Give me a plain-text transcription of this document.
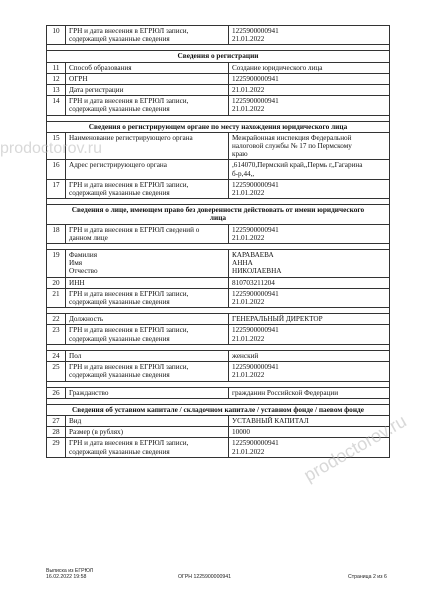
10	ГРН и дата внесения в ЕГРЮЛ записи,
содержащей указанные сведения	1225900000941
21.01.2022

Сведения о регистрации		
11	Способ образования	Создание юридического лица
12	ОГРН	1225900000941
13	Дата регистрации	21.01.2022
14	ГРН и дата внесения в ЕГРЮЛ записи,
содержащей указанные сведения	1225900000941
21.01.2022

Сведения о регистрирующем органе по месту нахождения юридического лица		
15	Наименование регистрирующего органа	Межрайонная инспекция Федеральной
налоговой службы № 17 по Пермскому
краю

16	Адрес регистрирующего органа	,614070,Пермский край,,Пермь г,,Гагарина
б-р,44,,

17	ГРН и дата внесения в ЕГРЮЛ записи,
содержащей указанные сведения	1225900000941
21.01.2022

Сведения о лице, имеющем право без доверенности действовать от имени юридического
лица		

18	ГРН и дата внесения в ЕГРЮЛ сведений о
данном лице	1225900000941
21.01.2022

19	Фамилия
Имя
Отчество	КАРАВАЕВА
АННА
НИКОЛАЕВНА

20	ИНН	810703211204
21	ГРН и дата внесения в ЕГРЮЛ записи,
содержащей указанные сведения	1225900000941
21.01.2022

22	Должность	ГЕНЕРАЛЬНЫЙ ДИРЕКТОР
23	ГРН и дата внесения в ЕГРЮЛ записи,
содержащей указанные сведения	1225900000941
21.01.2022

24	Пол	женский
25	ГРН и дата внесения в ЕГРЮЛ записи,
содержащей указанные сведения	1225900000941
21.01.2022

26	Гражданство	гражданин Российской Федерации

Сведения об уставном капитале / складочном капитале / уставном фонде / паевом фонде		
27	Вид	УСТАВНЫЙ КАПИТАЛ
28	Размер (в рублях)	10000
29	ГРН и дата внесения в ЕГРЮЛ записи,
содержащей указанные сведения	1225900000941
21.01.2022
Выписка из ЕГРЮЛ
16.02.2022 19:58	ОГРН 1225900000941	Страница 2 из 6
prodoctorov.ru
prodoctorov.ru
